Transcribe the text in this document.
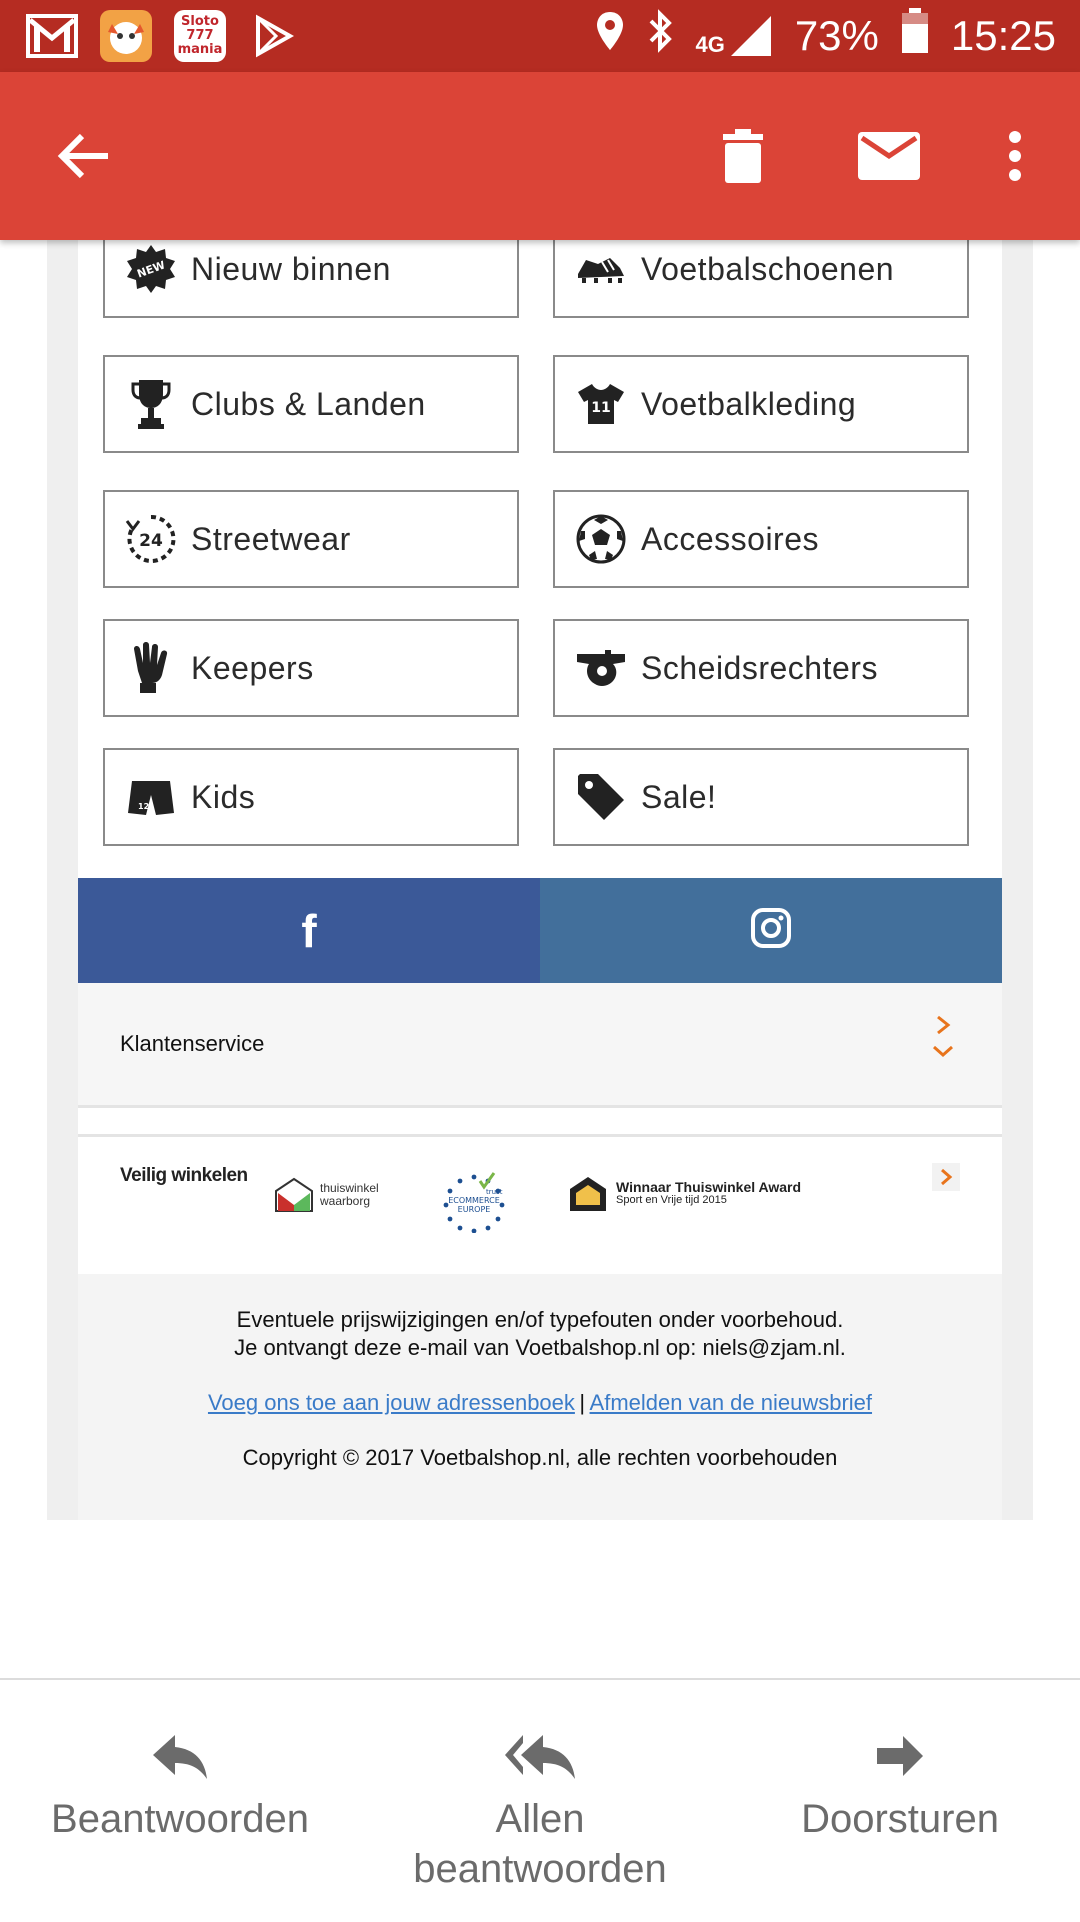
Sloto 777 mania	4G 73% 15:25
NEW Nieuw binnen	Voetbalschoenen
Clubs & Landen	11 Voetbalkleding
24 Streetwear	Accessoires
Keepers	Scheidsrechters
12 Kids	Sale!
f
Klantenservice
Veilig winkelen
thuiswinkel
waarborg
trust
ECOMMERCE
EUROPE
Winnaar Thuiswinkel Award
Sport en Vrije tijd 2015
Eventuele prijswijzigingen en/of typefouten onder voorbehoud.
Je ontvangt deze e-mail van Voetbalshop.nl op: niels@zjam.nl.
Voeg ons toe aan jouw adressenboek | Afmelden van de nieuwsbrief
Copyright © 2017 Voetbalshop.nl, alle rechten voorbehouden
Beantwoorden	Allen beantwoorden
Doorsturen
